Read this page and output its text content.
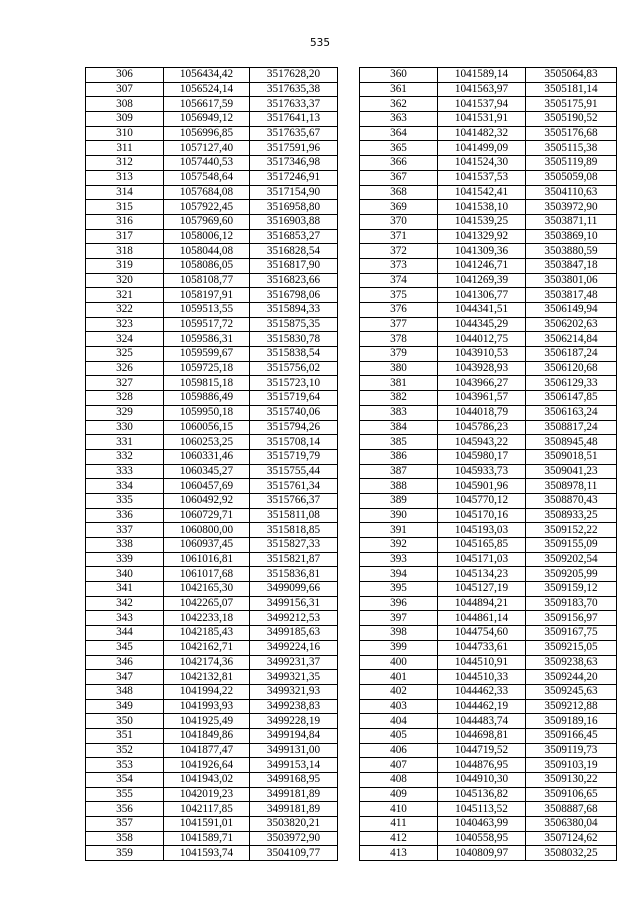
535
306	1056434,42	3517628,20
307	1056524,14	3517635,38
308	1056617,59	3517633,37
309	1056949,12	3517641,13
310	1056996,85	3517635,67
311	1057127,40	3517591,96
312	1057440,53	3517346,98
313	1057548,64	3517246,91
314	1057684,08	3517154,90
315	1057922,45	3516958,80
316	1057969,60	3516903,88
317	1058006,12	3516853,27
318	1058044,08	3516828,54
319	1058086,05	3516817,90
320	1058108,77	3516823,66
321	1058197,91	3516798,06
322	1059513,55	3515894,33
323	1059517,72	3515875,35
324	1059586,31	3515830,78
325	1059599,67	3515838,54
326	1059725,18	3515756,02
327	1059815,18	3515723,10
328	1059886,49	3515719,64
329	1059950,18	3515740,06
330	1060056,15	3515794,26
331	1060253,25	3515708,14
332	1060331,46	3515719,79
333	1060345,27	3515755,44
334	1060457,69	3515761,34
335	1060492,92	3515766,37
336	1060729,71	3515811,08
337	1060800,00	3515818,85
338	1060937,45	3515827,33
339	1061016,81	3515821,87
340	1061017,68	3515836,81
341	1042165,30	3499099,66
342	1042265,07	3499156,31
343	1042233,18	3499212,53
344	1042185,43	3499185,63
345	1042162,71	3499224,16
346	1042174,36	3499231,37
347	1042132,81	3499321,35
348	1041994,22	3499321,93
349	1041993,93	3499238,83
350	1041925,49	3499228,19
351	1041849,86	3499194,84
352	1041877,47	3499131,00
353	1041926,64	3499153,14
354	1041943,02	3499168,95
355	1042019,23	3499181,89
356	1042117,85	3499181,89
357	1041591,01	3503820,21
358	1041589,71	3503972,90
359	1041593,74	3504109,77
360	1041589,14	3505064,83
361	1041563,97	3505181,14
362	1041537,94	3505175,91
363	1041531,91	3505190,52
364	1041482,32	3505176,68
365	1041499,09	3505115,38
366	1041524,30	3505119,89
367	1041537,53	3505059,08
368	1041542,41	3504110,63
369	1041538,10	3503972,90
370	1041539,25	3503871,11
371	1041329,92	3503869,10
372	1041309,36	3503880,59
373	1041246,71	3503847,18
374	1041269,39	3503801,06
375	1041306,77	3503817,48
376	1044341,51	3506149,94
377	1044345,29	3506202,63
378	1044012,75	3506214,84
379	1043910,53	3506187,24
380	1043928,93	3506120,68
381	1043966,27	3506129,33
382	1043961,57	3506147,85
383	1044018,79	3506163,24
384	1045786,23	3508817,24
385	1045943,22	3508945,48
386	1045980,17	3509018,51
387	1045933,73	3509041,23
388	1045901,96	3508978,11
389	1045770,12	3508870,43
390	1045170,16	3508933,25
391	1045193,03	3509152,22
392	1045165,85	3509155,09
393	1045171,03	3509202,54
394	1045134,23	3509205,99
395	1045127,19	3509159,12
396	1044894,21	3509183,70
397	1044861,14	3509156,97
398	1044754,60	3509167,75
399	1044733,61	3509215,05
400	1044510,91	3509238,63
401	1044510,33	3509244,20
402	1044462,33	3509245,63
403	1044462,19	3509212,88
404	1044483,74	3509189,16
405	1044698,81	3509166,45
406	1044719,52	3509119,73
407	1044876,95	3509103,19
408	1044910,30	3509130,22
409	1045136,82	3509106,65
410	1045113,52	3508887,68
411	1040463,99	3506380,04
412	1040558,95	3507124,62
413	1040809,97	3508032,25
